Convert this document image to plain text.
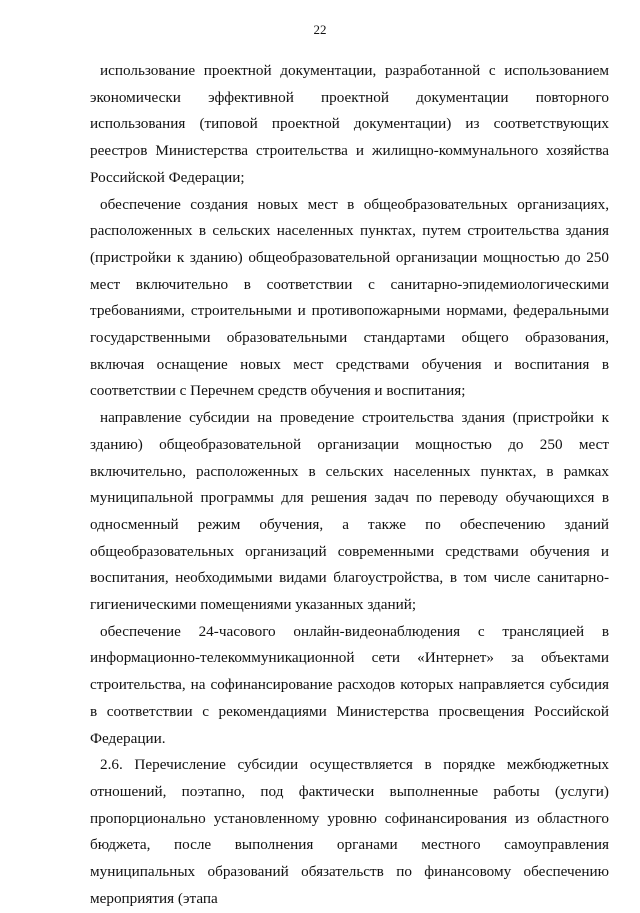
22

использование проектной документации, разработанной с использованием экономически эффективной проектной документации повторного использования (типовой проектной документации) из соответствующих реестров Министерства строительства и жилищно-коммунального хозяйства Российской Федерации;

обеспечение создания новых мест в общеобразовательных организациях, расположенных в сельских населенных пунктах, путем строительства здания (пристройки к зданию) общеобразовательной организации мощностью до 250 мест включительно в соответствии с санитарно-эпидемиологическими требованиями, строительными и противопожарными нормами, федеральными государственными образовательными стандартами общего образования, включая оснащение новых мест средствами обучения и воспитания в соответствии с Перечнем средств обучения и воспитания;

направление субсидии на проведение строительства здания (пристройки к зданию) общеобразовательной организации мощностью до 250 мест включительно, расположенных в сельских населенных пунктах, в рамках муниципальной программы для решения задач по переводу обучающихся в односменный режим обучения, а также по обеспечению зданий общеобразовательных организаций современными средствами обучения и воспитания, необходимыми видами благоустройства, в том числе санитарно-гигиеническими помещениями указанных зданий;

обеспечение 24-часового онлайн-видеонаблюдения с трансляцией в информационно-телекоммуникационной сети «Интернет» за объектами строительства, на софинансирование расходов которых направляется субсидия в соответствии с рекомендациями Министерства просвещения Российской Федерации.

2.6. Перечисление субсидии осуществляется в порядке межбюджетных отношений, поэтапно, под фактически выполненные работы (услуги) пропорционально установленному уровню софинансирования из областного бюджета, после выполнения органами местного самоуправления муниципальных образований обязательств по финансовому обеспечению мероприятия (этапа
